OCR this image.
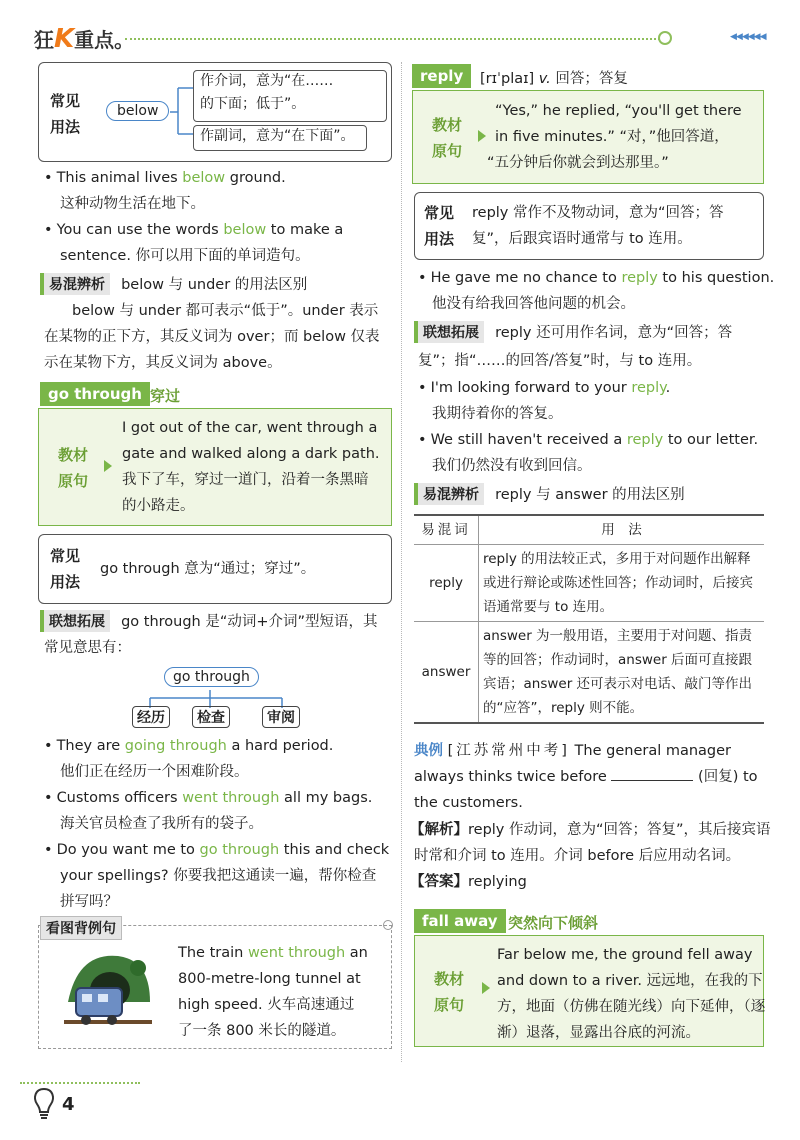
狂K重点。	◀◀◀◀◀◀
常见
用法
below
作介词，意为“在……
的下面；低于”。
作副词，意为“在下面”。
• This animal lives below ground.
这种动物生活在地下。
• You can use the words below to make a
sentence. 你可以用下面的单词造句。
易混辨析 below 与 under 的用法区别
below 与 under 都可表示“低于”。under 表示
在某物的正下方，其反义词为 over；而 below 仅表
示在某物下方，其反义词为 above。
go through 穿过
教材
原句
I got out of the car, went through a
gate and walked along a dark path.
我下了车，穿过一道门，沿着一条黑暗
的小路走。
常见
用法
go through 意为“通过；穿过”。
联想拓展 go through 是“动词+介词”型短语，其
常见意思有：
go through
经历	检查	审阅
• They are going through a hard period.
他们正在经历一个困难阶段。
• Customs officers went through all my bags.
海关官员检查了我所有的袋子。
• Do you want me to go through this and check
your spellings? 你要我把这通读一遍，帮你检查
拼写吗？
看图背例句
The train went through an
800-metre-long tunnel at
high speed. 火车高速通过
了一条 800 米长的隧道。
4
reply	[rɪˈplaɪ] v. 回答；答复
教材
原句
“Yes,” he replied, “you'll get there
in five minutes.” “对，”他回答道，
“五分钟后你就会到达那里。”
常见
用法
reply 常作不及物动词，意为“回答；答
复”，后跟宾语时通常与 to 连用。
• He gave me no chance to reply to his question.
他没有给我回答他问题的机会。
联想拓展 reply 还可用作名词，意为“回答；答
复”；指“……的回答/答复”时，与 to 连用。
• I'm looking forward to your reply.
我期待着你的答复。
• We still haven't received a reply to our letter.
我们仍然没有收到回信。
易混辨析 reply 与 answer 的用法区别
易混词	用　法
reply	reply 的用法较正式，多用于对问题作出解释或进行辩论或陈述性回答；作动词时，后接宾语通常要与 to 连用。
answer	answer 为一般用语，主要用于对问题、指责等的回答；作动词时，answer 后面可直接跟宾语；answer 还可表示对电话、敲门等作出的“应答”，reply 则不能。
典例 [江苏常州中考] The general manager
always thinks twice before	(回复) to
the customers.
【解析】reply 作动词，意为“回答；答复”，其后接宾语
时常和介词 to 连用。介词 before 后应用动名词。
【答案】replying
fall away 突然向下倾斜
教材
原句
Far below me, the ground fell away
and down to a river. 远远地，在我的下
方，地面（仿佛在随光线）向下延伸，（逐
渐）退落，显露出谷底的河流。
